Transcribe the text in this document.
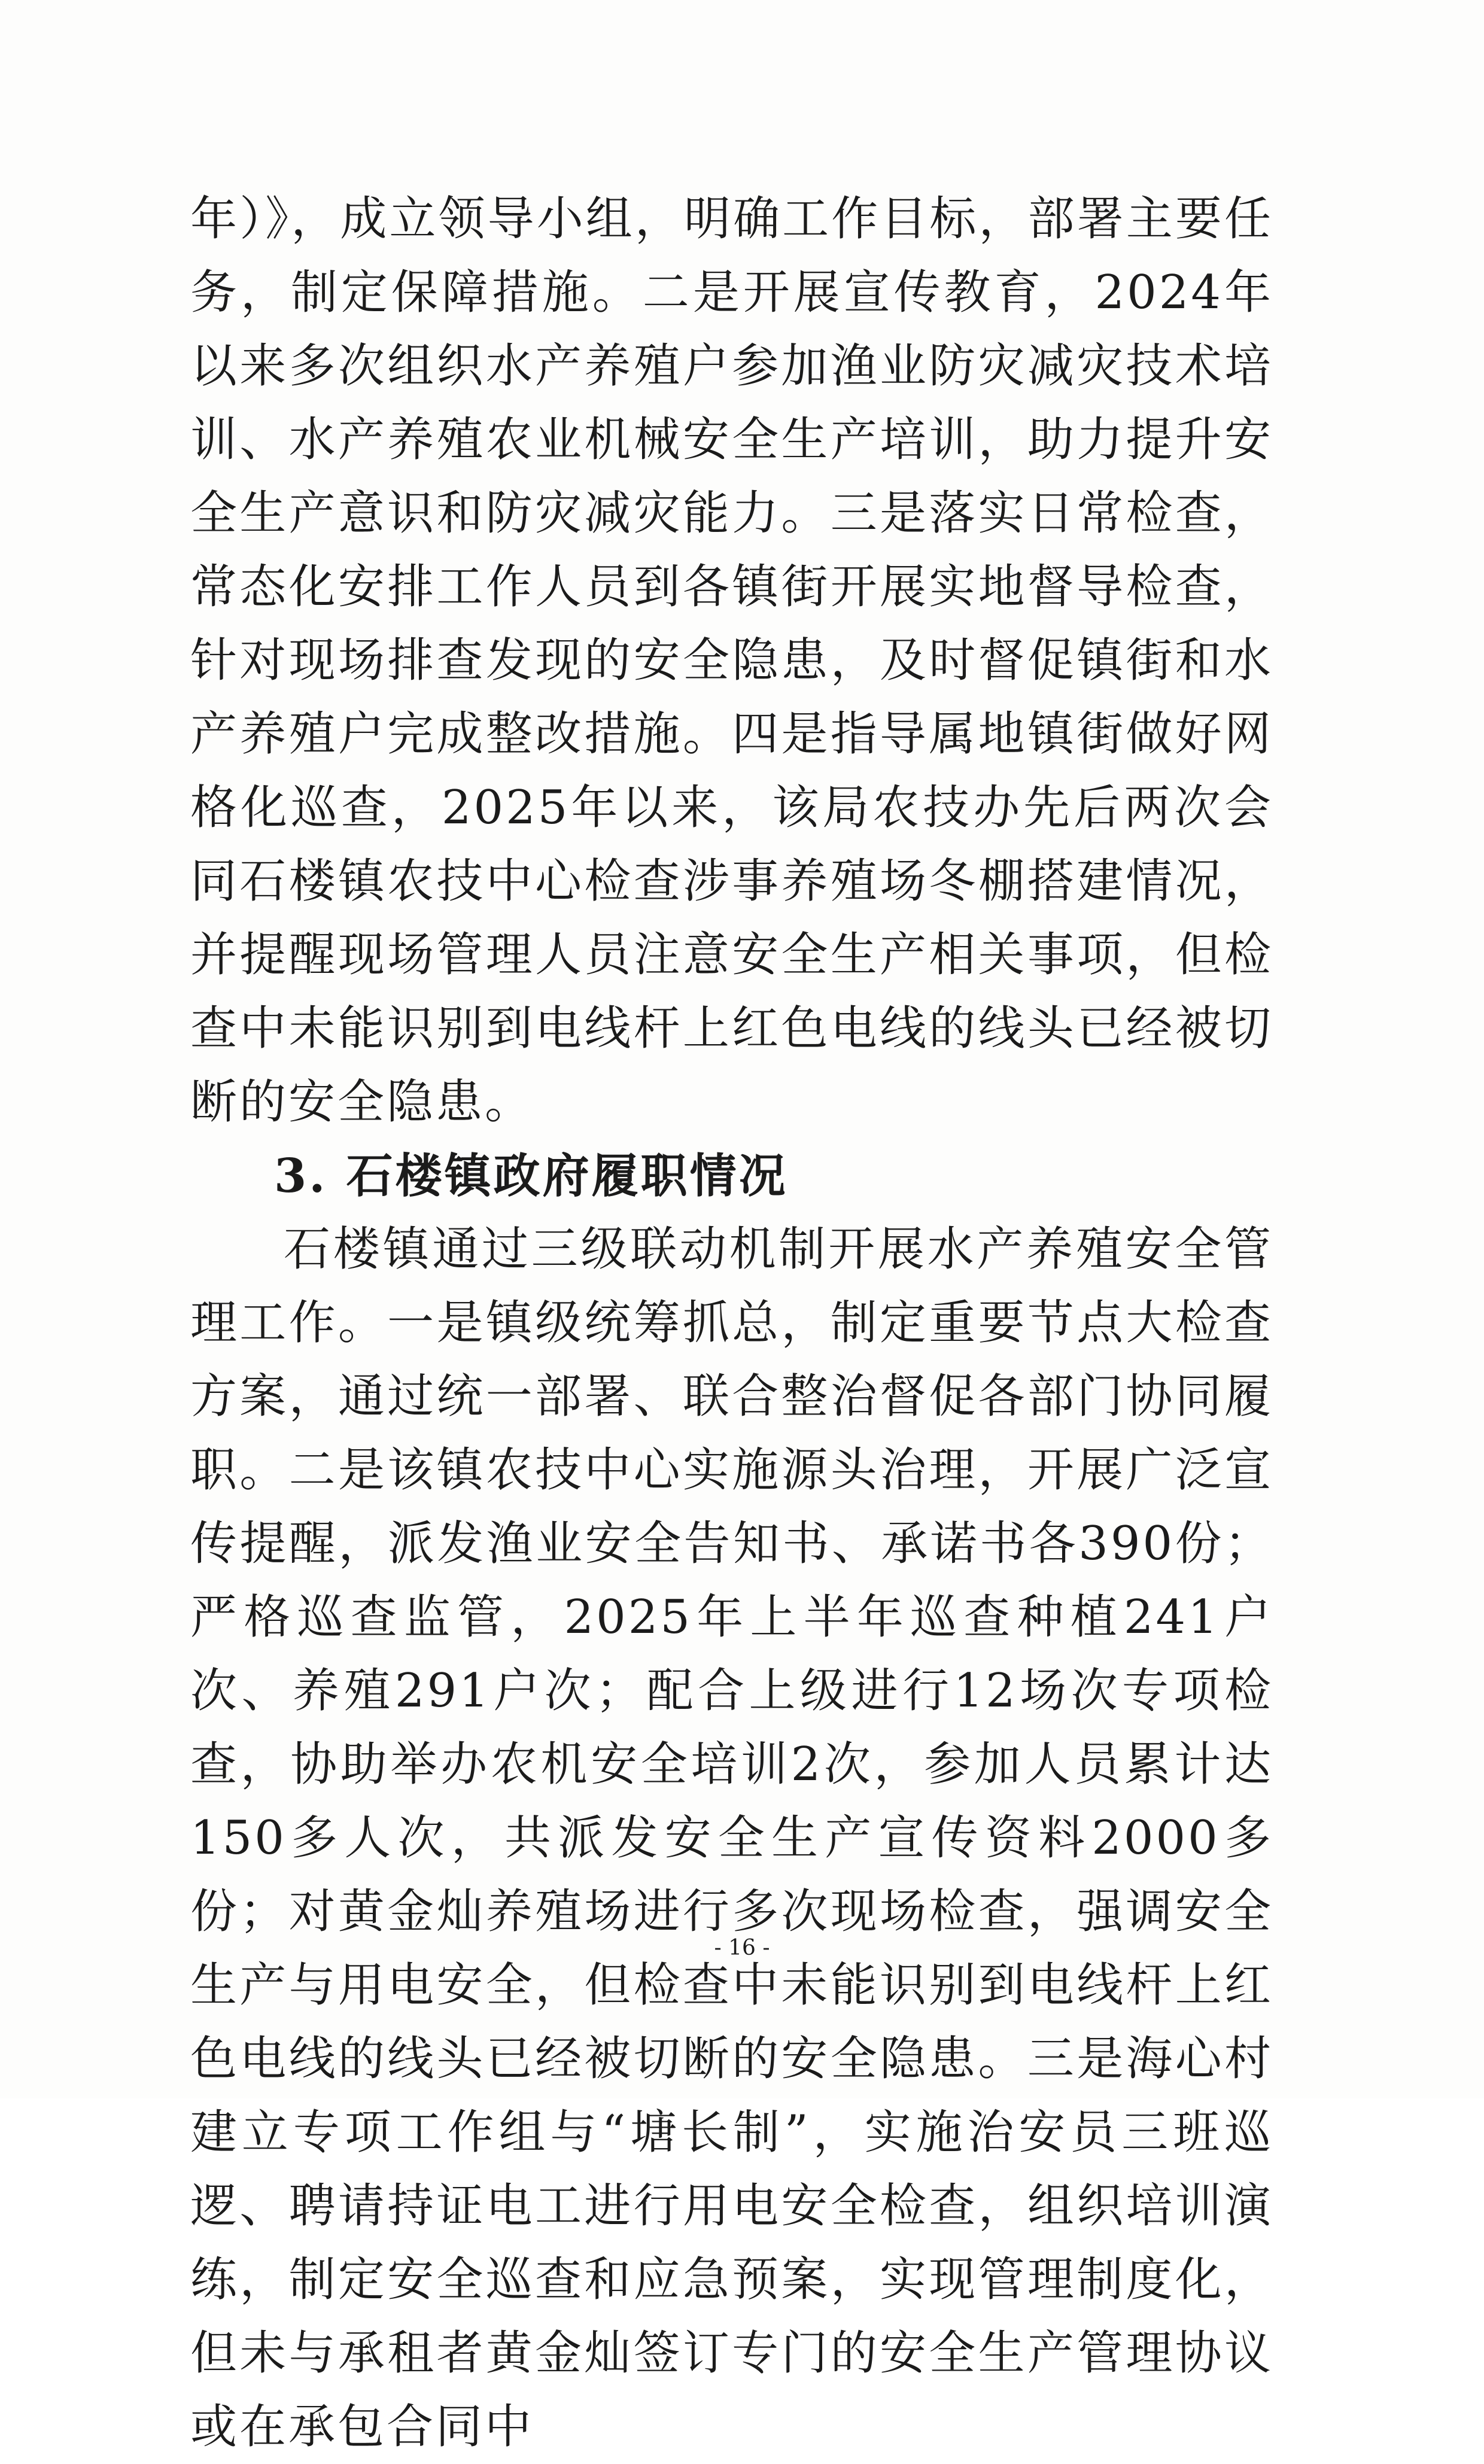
年）》，成立领导小组，明确工作目标，部署主要任务，制定保障措施。二是开展宣传教育，2024年以来多次组织水产养殖户参加渔业防灾减灾技术培训、水产养殖农业机械安全生产培训，助力提升安全生产意识和防灾减灾能力。三是落实日常检查，常态化安排工作人员到各镇街开展实地督导检查，针对现场排查发现的安全隐患，及时督促镇街和水产养殖户完成整改措施。四是指导属地镇街做好网格化巡查，2025年以来，该局农技办先后两次会同石楼镇农技中心检查涉事养殖场冬棚搭建情况，并提醒现场管理人员注意安全生产相关事项，但检查中未能识别到电线杆上红色电线的线头已经被切断的安全隐患。

3. 石楼镇政府履职情况

石楼镇通过三级联动机制开展水产养殖安全管理工作。一是镇级统筹抓总，制定重要节点大检查方案，通过统一部署、联合整治督促各部门协同履职。二是该镇农技中心实施源头治理，开展广泛宣传提醒，派发渔业安全告知书、承诺书各390份；严格巡查监管，2025年上半年巡查种植241户次、养殖291户次；配合上级进行12场次专项检查，协助举办农机安全培训2次，参加人员累计达150多人次，共派发安全生产宣传资料2000多份；对黄金灿养殖场进行多次现场检查，强调安全生产与用电安全，但检查中未能识别到电线杆上红色电线的线头已经被切断的安全隐患。三是海心村建立专项工作组与“塘长制”，实施治安员三班巡逻、聘请持证电工进行用电安全检查，组织培训演练，制定安全巡查和应急预案，实现管理制度化，但未与承租者黄金灿签订专门的安全生产管理协议或在承包合同中

- 16 -
